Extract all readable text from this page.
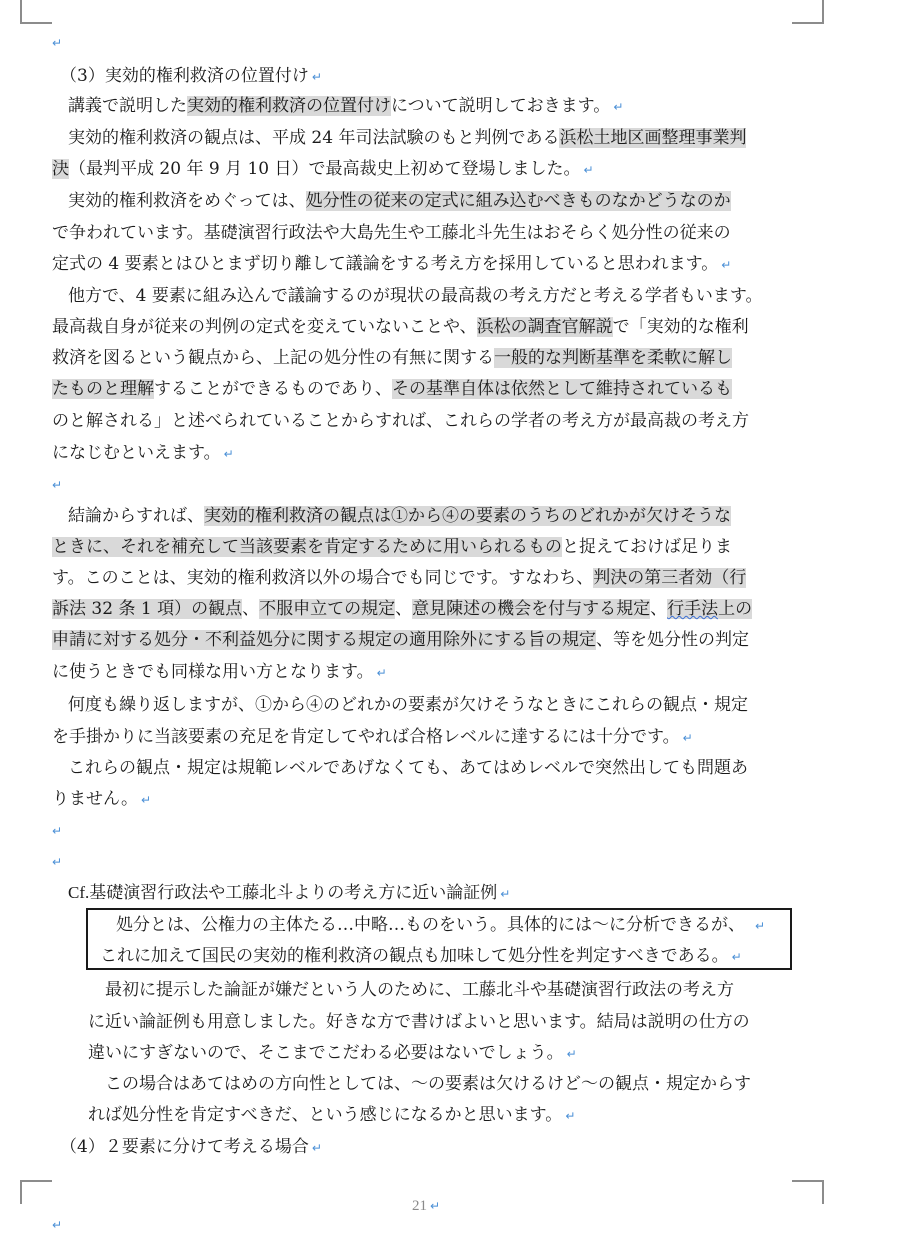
↵
（3）実効的権利救済の位置付け ↵
講義で説明した実効的権利救済の位置付けについて説明しておきます。 ↵
実効的権利救済の観点は、平成 24 年司法試験のもと判例である浜松土地区画整理事業判
決（最判平成 20 年 9 月 10 日）で最高裁史上初めて登場しました。 ↵
実効的権利救済をめぐっては、処分性の従来の定式に組み込むべきものなかどうなのか
で争われています。基礎演習行政法や大島先生や工藤北斗先生はおそらく処分性の従来の
定式の 4 要素とはひとまず切り離して議論をする考え方を採用していると思われます。 ↵
他方で、4 要素に組み込んで議論するのが現状の最高裁の考え方だと考える学者もいます。
最高裁自身が従来の判例の定式を変えていないことや、浜松の調査官解説で「実効的な権利
救済を図るという観点から、上記の処分性の有無に関する一般的な判断基準を柔軟に解し
たものと理解することができるものであり、その基準自体は依然として維持されているも
のと解される」と述べられていることからすれば、これらの学者の考え方が最高裁の考え方
になじむといえます。 ↵
↵
結論からすれば、実効的権利救済の観点は①から④の要素のうちのどれかが欠けそうな
ときに、それを補充して当該要素を肯定するために用いられるものと捉えておけば足りま
す。このことは、実効的権利救済以外の場合でも同じです。すなわち、判決の第三者効（行
訴法 32 条 1 項）の観点、不服申立ての規定、意見陳述の機会を付与する規定、行手法上の
申請に対する処分・不利益処分に関する規定の適用除外にする旨の規定、等を処分性の判定
に使うときでも同様な用い方となります。 ↵
何度も繰り返しますが、①から④のどれかの要素が欠けそうなときにこれらの観点・規定
を手掛かりに当該要素の充足を肯定してやれば合格レベルに達するには十分です。 ↵
これらの観点・規定は規範レベルであげなくても、あてはめレベルで突然出しても問題あ
りません。 ↵
↵
↵
Cf.基礎演習行政法や工藤北斗よりの考え方に近い論証例 ↵
処分とは、公権力の主体たる…中略…ものをいう。具体的には〜に分析できるが、 ↵
これに加えて国民の実効的権利救済の観点も加味して処分性を判定すべきである。 ↵
最初に提示した論証が嫌だという人のために、工藤北斗や基礎演習行政法の考え方
に近い論証例も用意しました。好きな方で書けばよいと思います。結局は説明の仕方の
違いにすぎないので、そこまでこだわる必要はないでしょう。 ↵
この場合はあてはめの方向性としては、〜の要素は欠けるけど〜の観点・規定からす
れば処分性を肯定すべきだ、という感じになるかと思います。 ↵
（4）２要素に分けて考える場合 ↵
21 ↵
↵
